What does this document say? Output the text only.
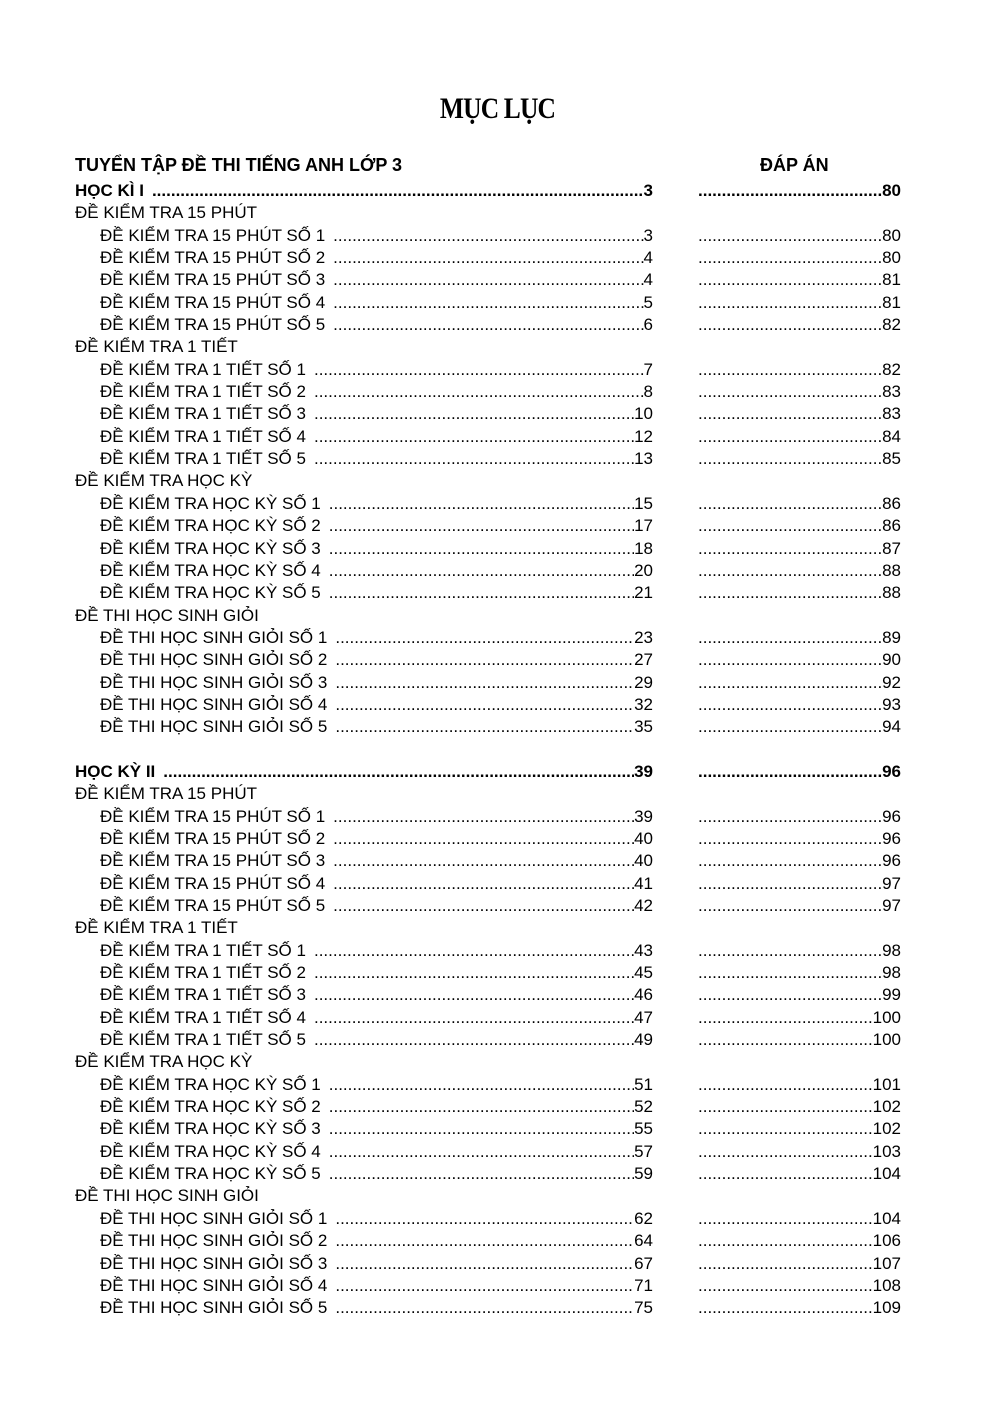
MỤC LỤC
TUYỂN TẬP ĐỀ THI TIẾNG ANH LỚP 3	ĐÁP ÁN
HỌC KÌ I .....	3 .....	80
ĐỀ KIỂM TRA 15 PHÚT
ĐỀ KIỂM TRA 15 PHÚT SỐ 1 .....	3 .....	80
ĐỀ KIỂM TRA 15 PHÚT SỐ 2 .....	4 .....	80
ĐỀ KIỂM TRA 15 PHÚT SỐ 3 .....	4 .....	81
ĐỀ KIỂM TRA 15 PHÚT SỐ 4 .....	5 .....	81
ĐỀ KIỂM TRA 15 PHÚT SỐ 5 .....	6 .....	82
ĐỀ KIỂM TRA 1 TIẾT
ĐỀ KIỂM TRA 1 TIẾT SỐ 1 .....	7 .....	82
ĐỀ KIỂM TRA 1 TIẾT SỐ 2 .....	8 .....	83
ĐỀ KIỂM TRA 1 TIẾT SỐ 3 .....	10 .....	83
ĐỀ KIỂM TRA 1 TIẾT SỐ 4 .....	12 .....	84
ĐỀ KIỂM TRA 1 TIẾT SỐ 5 .....	13 .....	85
ĐỀ KIỂM TRA HỌC KỲ
ĐỀ KIỂM TRA HỌC KỲ SỐ 1 .....	15 .....	86
ĐỀ KIỂM TRA HỌC KỲ SỐ 2 .....	17 .....	86
ĐỀ KIỂM TRA HỌC KỲ SỐ 3 .....	18 .....	87
ĐỀ KIỂM TRA HỌC KỲ SỐ 4 .....	20 .....	88
ĐỀ KIỂM TRA HỌC KỲ SỐ 5 .....	21 .....	88
ĐỀ THI HỌC SINH GIỎI
ĐỀ THI HỌC SINH GIỎI SỐ 1 .....	23 .....	89
ĐỀ THI HỌC SINH GIỎI SỐ 2 .....	27 .....	90
ĐỀ THI HỌC SINH GIỎI SỐ 3 .....	29 .....	92
ĐỀ THI HỌC SINH GIỎI SỐ 4 .....	32 .....	93
ĐỀ THI HỌC SINH GIỎI SỐ 5 .....	35 .....	94
HỌC KỲ II .....	39 .....	96
ĐỀ KIỂM TRA 15 PHÚT
ĐỀ KIỂM TRA 15 PHÚT SỐ 1 .....	39 .....	96
ĐỀ KIỂM TRA 15 PHÚT SỐ 2 .....	40 .....	96
ĐỀ KIỂM TRA 15 PHÚT SỐ 3 .....	40 .....	96
ĐỀ KIỂM TRA 15 PHÚT SỐ 4 .....	41 .....	97
ĐỀ KIỂM TRA 15 PHÚT SỐ 5 .....	42 .....	97
ĐỀ KIỂM TRA 1 TIẾT
ĐỀ KIỂM TRA 1 TIẾT SỐ 1 .....	43 .....	98
ĐỀ KIỂM TRA 1 TIẾT SỐ 2 .....	45 .....	98
ĐỀ KIỂM TRA 1 TIẾT SỐ 3 .....	46 .....	99
ĐỀ KIỂM TRA 1 TIẾT SỐ 4 .....	47 .....	100
ĐỀ KIỂM TRA 1 TIẾT SỐ 5 .....	49 .....	100
ĐỀ KIỂM TRA HỌC KỲ
ĐỀ KIỂM TRA HỌC KỲ SỐ 1 .....	51 .....	101
ĐỀ KIỂM TRA HỌC KỲ SỐ 2 .....	52 .....	102
ĐỀ KIỂM TRA HỌC KỲ SỐ 3 .....	55 .....	102
ĐỀ KIỂM TRA HỌC KỲ SỐ 4 .....	57 .....	103
ĐỀ KIỂM TRA HỌC KỲ SỐ 5 .....	59 .....	104
ĐỀ THI HỌC SINH GIỎI
ĐỀ THI HỌC SINH GIỎI SỐ 1 .....	62 .....	104
ĐỀ THI HỌC SINH GIỎI SỐ 2 .....	64 .....	106
ĐỀ THI HỌC SINH GIỎI SỐ 3 .....	67 .....	107
ĐỀ THI HỌC SINH GIỎI SỐ 4 .....	71 .....	108
ĐỀ THI HỌC SINH GIỎI SỐ 5 .....	75 .....	109
